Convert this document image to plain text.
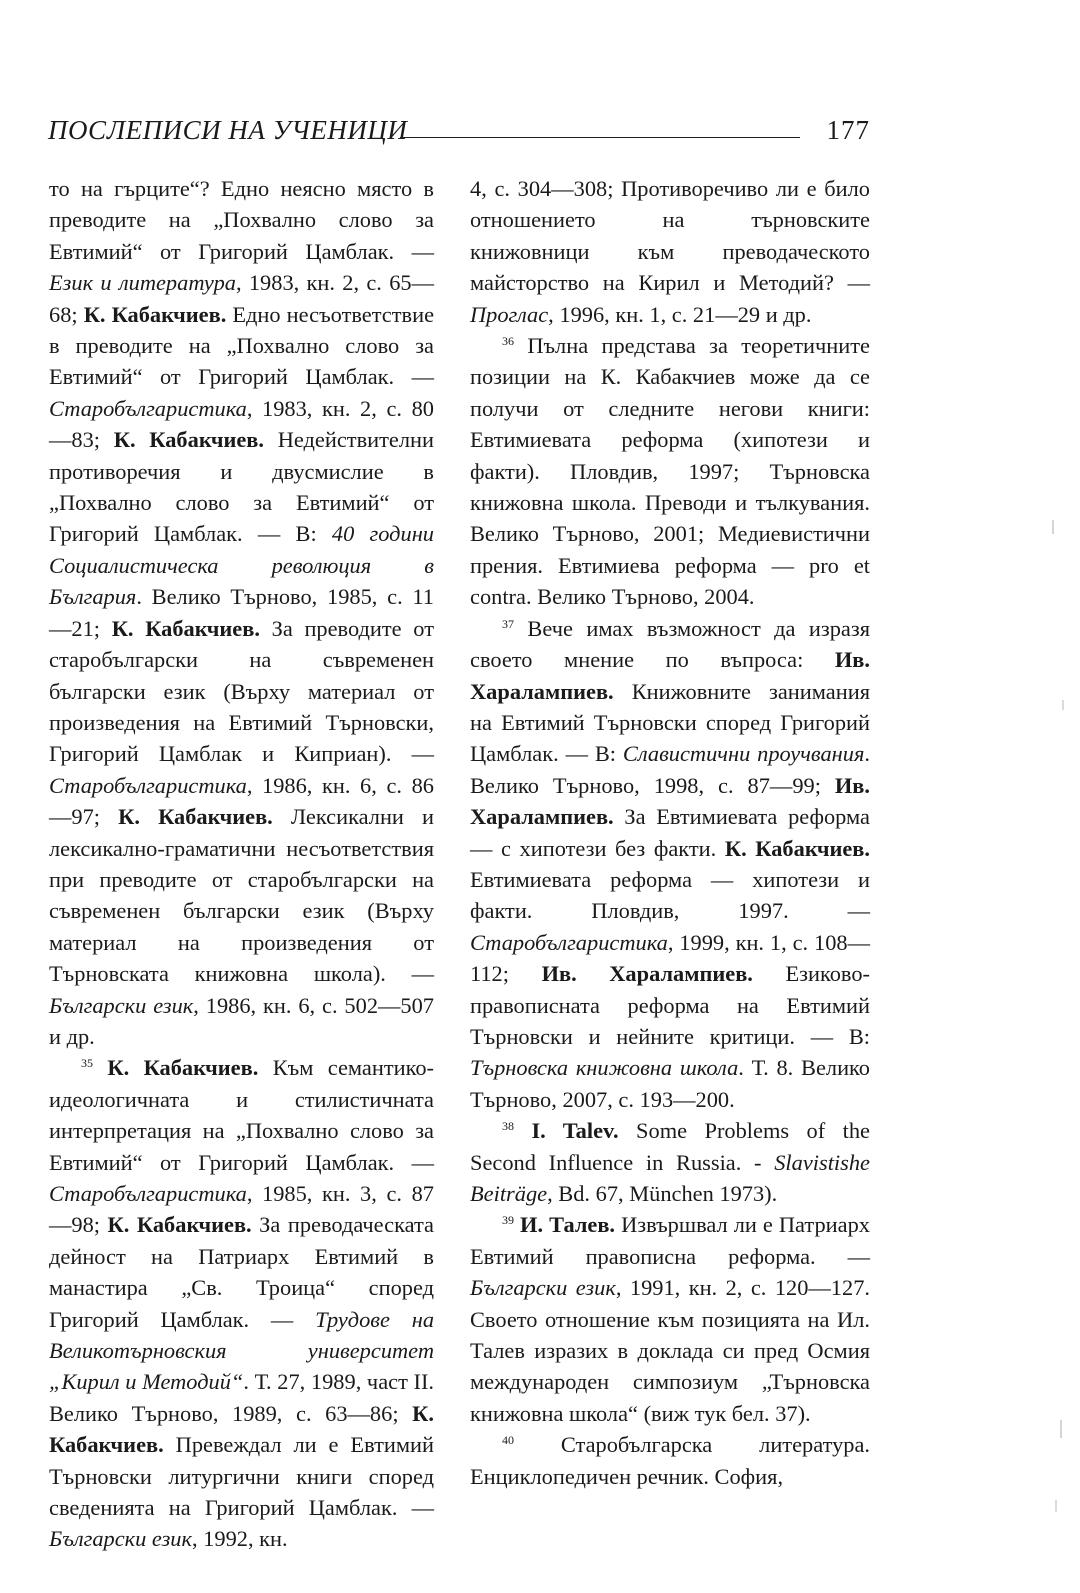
ПОСЛЕПИСИ НА УЧЕНИЦИ	177

то на гърците“? Едно неясно място в преводите на „Похвално слово за Евтимий“ от Григорий Цамблак. — Език и литература, 1983, кн. 2, с. 65—68; К. Кабакчиев. Едно несъответствие в преводите на „Похвално слово за Евтимий“ от Григорий Цамблак. — Старобългаристика, 1983, кн. 2, с. 80—83; К. Кабакчиев. Недействителни противоречия и двусмислие в „Похвално слово за Евтимий“ от Григорий Цамблак. — В: 40 години Социалистическа революция в България. Велико Търново, 1985, с. 11—21; К. Кабакчиев. За преводите от старобългарски на съвременен български език (Върху материал от произведения на Евтимий Търновски, Григорий Цамблак и Киприан). — Старобългаристика, 1986, кн. 6, с. 86—97; К. Кабакчиев. Лексикални и лексикално-граматични несъответствия при преводите от старобългарски на съвременен български език (Върху материал на произведения от Търновската книжовна школа). — Български език, 1986, кн. 6, с. 502—507 и др.

$^{35}$ К. Кабакчиев. Към семантико-идеологичната и стилистичната интерпретация на „Похвално слово за Евтимий“ от Григорий Цамблак. — Старобългаристика, 1985, кн. 3, с. 87—98; К. Кабакчиев. За преводаческата дейност на Патриарх Евтимий в манастира „Св. Троица“ според Григорий Цамблак. — Трудове на Великотърновския университет „Кирил и Методий“. Т. 27, 1989, част II. Велико Търново, 1989, с. 63—86; К. Кабакчиев. Превеждал ли е Евтимий Търновски литургични книги според сведенията на Григорий Цамблак. — Български език, 1992, кн.

4, с. 304—308; Противоречиво ли е било отношението на търновските книжовници към преводаческото майсторство на Кирил и Методий? — Проглас, 1996, кн. 1, с. 21—29 и др.

$^{36}$ Пълна представа за теоретичните позиции на К. Кабакчиев може да се получи от следните негови книги: Евтимиевата реформа (хипотези и факти). Пловдив, 1997; Търновска книжовна школа. Преводи и тълкувания. Велико Търново, 2001; Медиевистични прения. Евтимиева реформа — pro et contra. Велико Търново, 2004.

$^{37}$ Вече имах възможност да изразя своето мнение по въпроса: Ив. Харалампиев. Книжовните занимания на Евтимий Търновски според Григорий Цамблак. — В: Славистични проучвания. Велико Търново, 1998, с. 87—99; Ив. Харалампиев. За Евтимиевата реформа — с хипотези без факти. К. Кабакчиев. Евтимиевата реформа — хипотези и факти. Пловдив, 1997. — Старобългаристика, 1999, кн. 1, с. 108—112; Ив. Харалампиев. Езиково-правописната реформа на Евтимий Търновски и нейните критици. — В: Търновска книжовна школа. Т. 8. Велико Търново, 2007, с. 193—200.

$^{38}$ I. Talev. Some Problems of the Second Influence in Russia. - Slavistishe Beiträge, Bd. 67, München 1973).

$^{39}$ И. Талев. Извършвал ли е Патриарх Евтимий правописна реформа. — Български език, 1991, кн. 2, с. 120—127. Своето отношение към позицията на Ил. Талев изразих в доклада си пред Осмия международен симпозиум „Търновска книжовна школа“ (виж тук бел. 37).

$^{40}$ Старобългарска литература. Енциклопедичен речник. София,
